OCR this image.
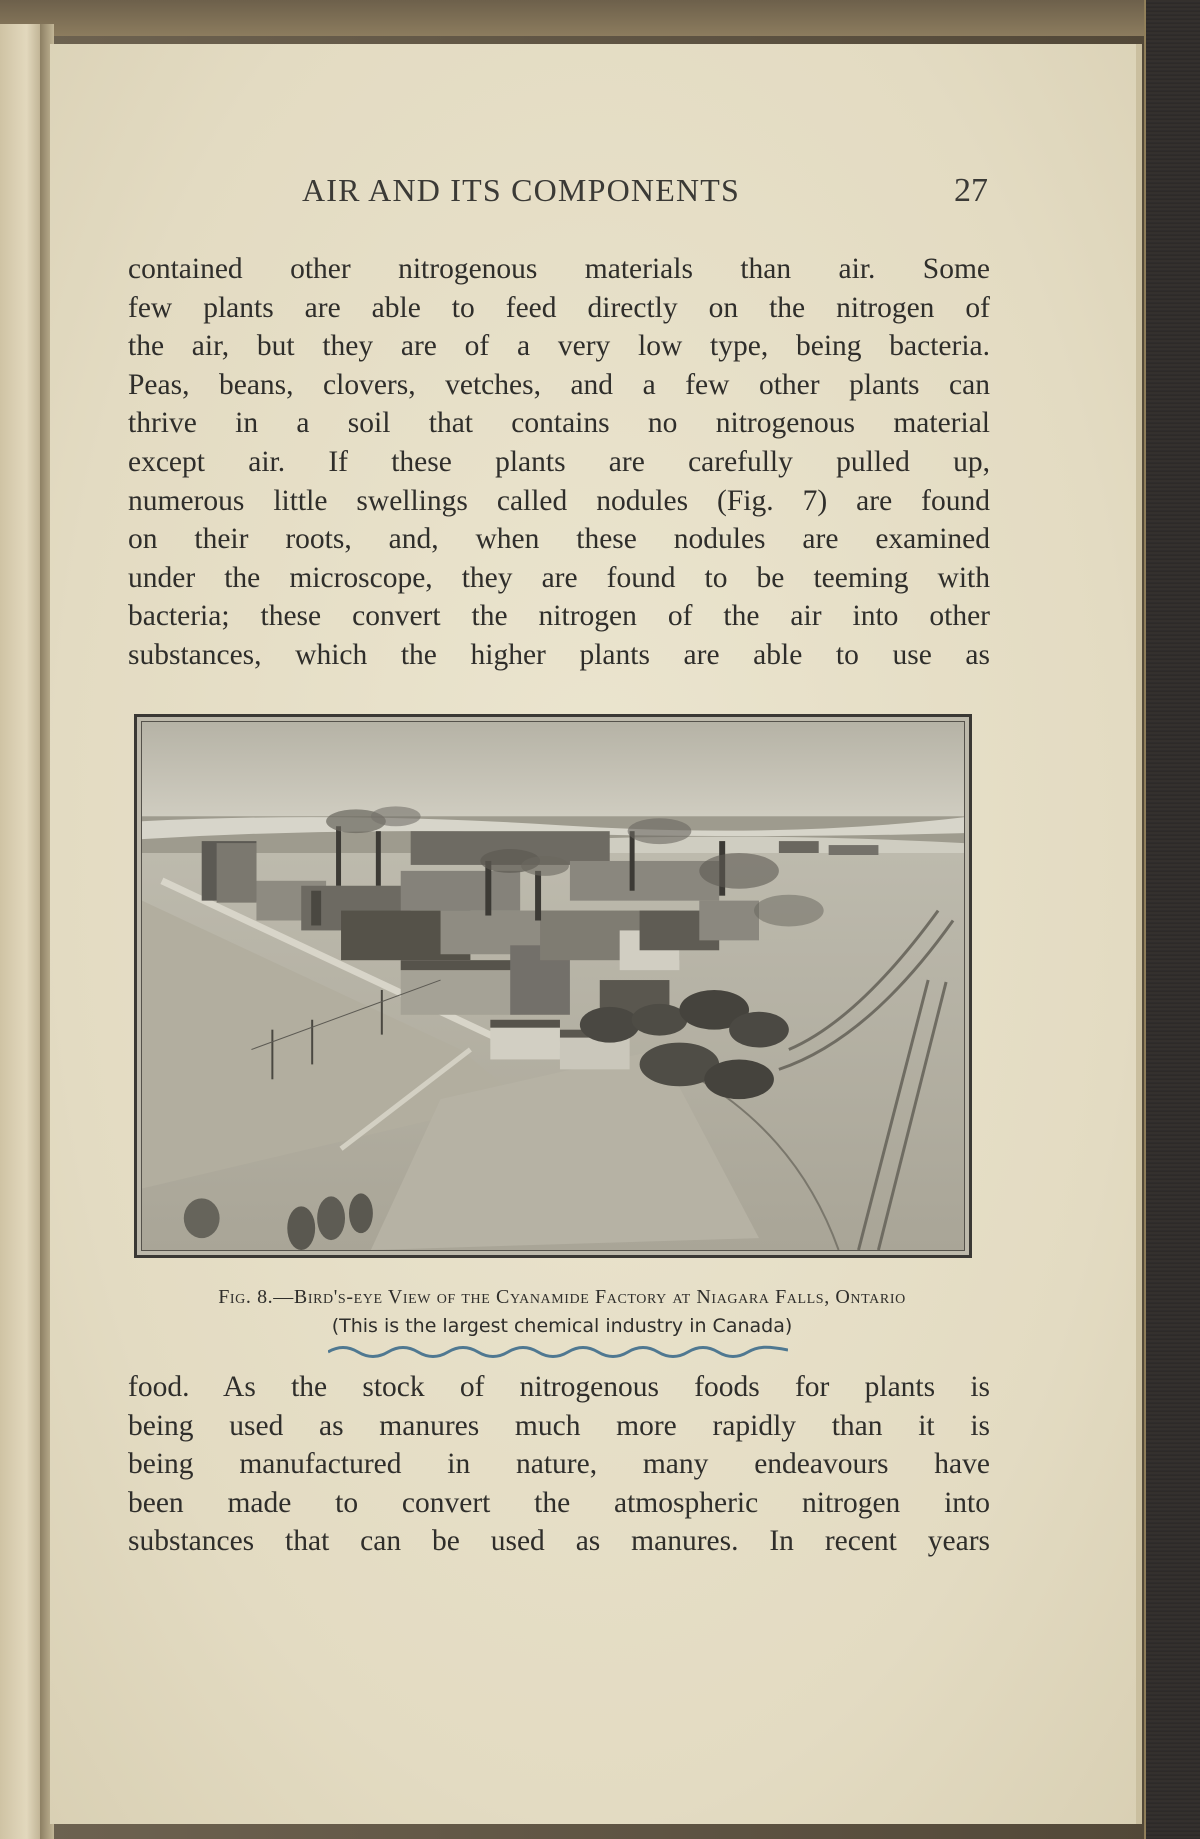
AIR AND ITS COMPONENTS	27
contained other nitrogenous materials than air. Some
few plants are able to feed directly on the nitrogen of
the air, but they are of a very low type, being bacteria.
Peas, beans, clovers, vetches, and a few other plants can
thrive in a soil that contains no nitrogenous material
except air. If these plants are carefully pulled up,
numerous little swellings called nodules (Fig. 7) are found
on their roots, and, when these nodules are examined
under the microscope, they are found to be teeming with
bacteria; these convert the nitrogen of the air into other
substances, which the higher plants are able to use as
Fig. 8.—Bird's-eye View of the Cyanamide Factory at Niagara Falls, Ontario
(This is the largest chemical industry in Canada)
food. As the stock of nitrogenous foods for plants is
being used as manures much more rapidly than it is
being manufactured in nature, many endeavours have
been made to convert the atmospheric nitrogen into
substances that can be used as manures. In recent years
